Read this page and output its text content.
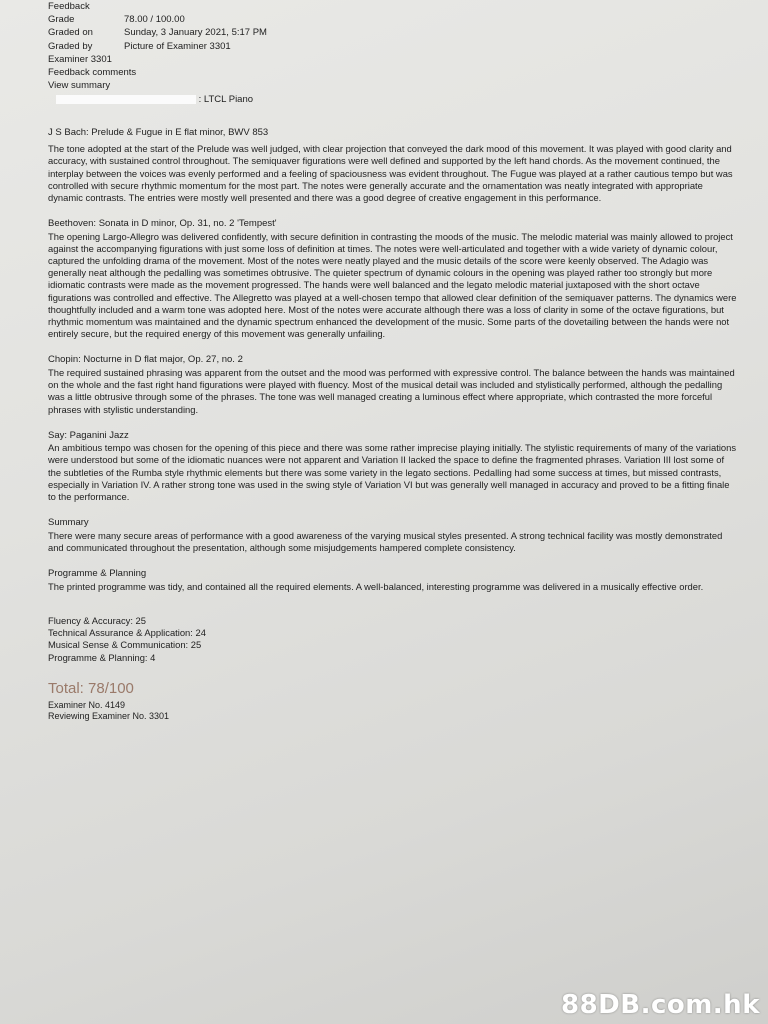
Feedback
Grade	78.00 / 100.00
Graded on	Sunday, 3 January 2021, 5:17 PM
Graded by	Picture of Examiner 3301
Examiner 3301
Feedback comments
View summary
: LTCL Piano
J S Bach: Prelude & Fugue in E flat minor, BWV 853
The tone adopted at the start of the Prelude was well judged, with clear projection that conveyed the dark mood of this movement. It was played with good clarity and accuracy, with sustained control throughout. The semiquaver figurations were well defined and supported by the left hand chords. As the movement continued, the interplay between the voices was evenly performed and a feeling of spaciousness was evident throughout. The Fugue was played at a rather cautious tempo but was controlled with secure rhythmic momentum for the most part. The notes were generally accurate and the ornamentation was neatly integrated with appropriate dynamic contrasts. The entries were mostly well presented and there was a good degree of creative engagement in this performance.
Beethoven: Sonata in D minor, Op. 31, no. 2 'Tempest'
The opening Largo-Allegro was delivered confidently, with secure definition in contrasting the moods of the music. The melodic material was mainly allowed to project against the accompanying figurations with just some loss of definition at times. The notes were well-articulated and together with a wide variety of dynamic colour, captured the unfolding drama of the movement. Most of the notes were neatly played and the music details of the score were keenly observed. The Adagio was generally neat although the pedalling was sometimes obtrusive. The quieter spectrum of dynamic colours in the opening was played rather too strongly but more idiomatic contrasts were made as the movement progressed. The hands were well balanced and the legato melodic material juxtaposed with the short octave figurations was controlled and effective. The Allegretto was played at a well-chosen tempo that allowed clear definition of the semiquaver patterns. The dynamics were thoughtfully included and a warm tone was adopted here. Most of the notes were accurate although there was a loss of clarity in some of the octave figurations, but rhythmic momentum was maintained and the dynamic spectrum enhanced the development of the music. Some parts of the dovetailing between the hands were not entirely secure, but the required energy of this movement was generally unfailing.
Chopin: Nocturne in D flat major, Op. 27, no. 2
The required sustained phrasing was apparent from the outset and the mood was performed with expressive control. The balance between the hands was maintained on the whole and the fast right hand figurations were played with fluency. Most of the musical detail was included and stylistically performed, although the pedalling was a little obtrusive through some of the phrases. The tone was well managed creating a luminous effect where appropriate, which contrasted the more forceful phrases with stylistic understanding.
Say: Paganini Jazz
An ambitious tempo was chosen for the opening of this piece and there was some rather imprecise playing initially. The stylistic requirements of many of the variations were understood but some of the idiomatic nuances were not apparent and Variation II lacked the space to define the fragmented phrases. Variation III lost some of the subtleties of the Rumba style rhythmic elements but there was some variety in the legato sections. Pedalling had some success at times, but missed contrasts, especially in Variation IV. A rather strong tone was used in the swing style of Variation VI but was generally well managed in accuracy and proved to be a fitting finale to the performance.
Summary
There were many secure areas of performance with a good awareness of the varying musical styles presented. A strong technical facility was mostly demonstrated and communicated throughout the presentation, although some misjudgements hampered complete consistency.
Programme & Planning
The printed programme was tidy, and contained all the required elements. A well-balanced, interesting programme was delivered in a musically effective order.
Fluency & Accuracy: 25
Technical Assurance & Application: 24
Musical Sense & Communication: 25
Programme & Planning: 4
Total: 78/100
Examiner No. 4149
Reviewing Examiner No. 3301
88DB.com.hk
